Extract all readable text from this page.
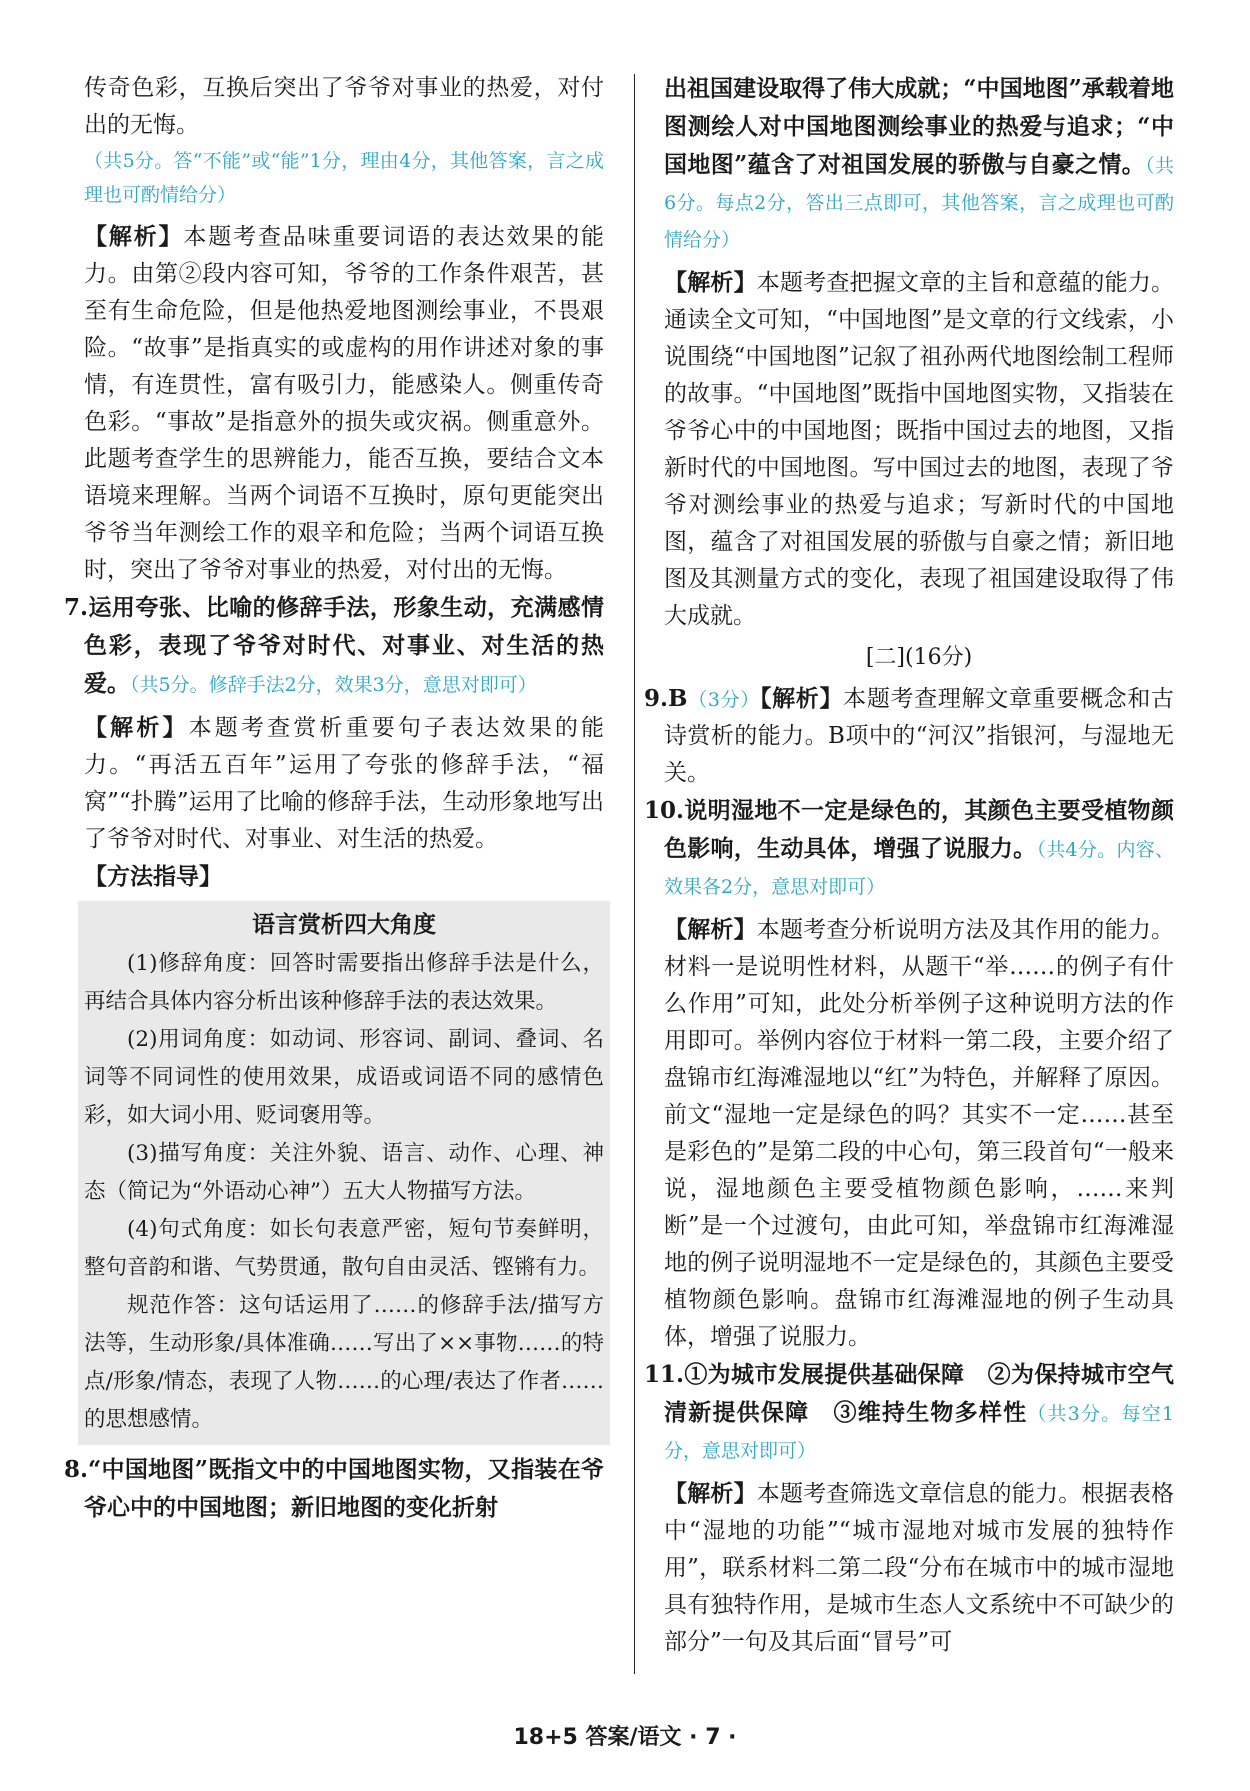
传奇色彩，互换后突出了爷爷对事业的热爱，对付出的无悔。

（共5分。答“不能”或“能”1分，理由4分，其他答案，言之成理也可酌情给分）

【解析】本题考查品味重要词语的表达效果的能力。由第②段内容可知，爷爷的工作条件艰苦，甚至有生命危险，但是他热爱地图测绘事业，不畏艰险。“故事”是指真实的或虚构的用作讲述对象的事情，有连贯性，富有吸引力，能感染人。侧重传奇色彩。“事故”是指意外的损失或灾祸。侧重意外。此题考查学生的思辨能力，能否互换，要结合文本语境来理解。当两个词语不互换时，原句更能突出爷爷当年测绘工作的艰辛和危险；当两个词语互换时，突出了爷爷对事业的热爱，对付出的无悔。

7.运用夸张、比喻的修辞手法，形象生动，充满感情色彩，表现了爷爷对时代、对事业、对生活的热爱。（共5分。修辞手法2分，效果3分，意思对即可）

【解析】本题考查赏析重要句子表达效果的能力。“再活五百年”运用了夸张的修辞手法，“福窝”“扑腾”运用了比喻的修辞手法，生动形象地写出了爷爷对时代、对事业、对生活的热爱。

【方法指导】

语言赏析四大角度

(1)修辞角度：回答时需要指出修辞手法是什么，再结合具体内容分析出该种修辞手法的表达效果。

(2)用词角度：如动词、形容词、副词、叠词、名词等不同词性的使用效果，成语或词语不同的感情色彩，如大词小用、贬词褒用等。

(3)描写角度：关注外貌、语言、动作、心理、神态（简记为“外语动心神”）五大人物描写方法。

(4)句式角度：如长句表意严密，短句节奏鲜明，整句音韵和谐、气势贯通，散句自由灵活、铿锵有力。

规范作答：这句话运用了……的修辞手法/描写方法等，生动形象/具体准确……写出了××事物……的特点/形象/情态，表现了人物……的心理/表达了作者……的思想感情。

8.“中国地图”既指文中的中国地图实物，又指装在爷爷心中的中国地图；新旧地图的变化折射

出祖国建设取得了伟大成就；“中国地图”承载着地图测绘人对中国地图测绘事业的热爱与追求；“中国地图”蕴含了对祖国发展的骄傲与自豪之情。（共6分。每点2分，答出三点即可，其他答案，言之成理也可酌情给分）

【解析】本题考查把握文章的主旨和意蕴的能力。通读全文可知，“中国地图”是文章的行文线索，小说围绕“中国地图”记叙了祖孙两代地图绘制工程师的故事。“中国地图”既指中国地图实物，又指装在爷爷心中的中国地图；既指中国过去的地图，又指新时代的中国地图。写中国过去的地图，表现了爷爷对测绘事业的热爱与追求；写新时代的中国地图，蕴含了对祖国发展的骄傲与自豪之情；新旧地图及其测量方式的变化，表现了祖国建设取得了伟大成就。

[二](16分)

9.B（3分）【解析】本题考查理解文章重要概念和古诗赏析的能力。B项中的“河汉”指银河，与湿地无关。

10.说明湿地不一定是绿色的，其颜色主要受植物颜色影响，生动具体，增强了说服力。（共4分。内容、效果各2分，意思对即可）

【解析】本题考查分析说明方法及其作用的能力。材料一是说明性材料，从题干“举……的例子有什么作用”可知，此处分析举例子这种说明方法的作用即可。举例内容位于材料一第二段，主要介绍了盘锦市红海滩湿地以“红”为特色，并解释了原因。前文“湿地一定是绿色的吗？其实不一定……甚至是彩色的”是第二段的中心句，第三段首句“一般来说，湿地颜色主要受植物颜色影响，……来判断”是一个过渡句，由此可知，举盘锦市红海滩湿地的例子说明湿地不一定是绿色的，其颜色主要受植物颜色影响。盘锦市红海滩湿地的例子生动具体，增强了说服力。

11.①为城市发展提供基础保障　②为保持城市空气清新提供保障　③维持生物多样性（共3分。每空1分，意思对即可）

【解析】本题考查筛选文章信息的能力。根据表格中“湿地的功能”“城市湿地对城市发展的独特作用”，联系材料二第二段“分布在城市中的城市湿地具有独特作用，是城市生态人文系统中不可缺少的部分”一句及其后面“冒号”可

18+5 答案/语文 · 7 ·
